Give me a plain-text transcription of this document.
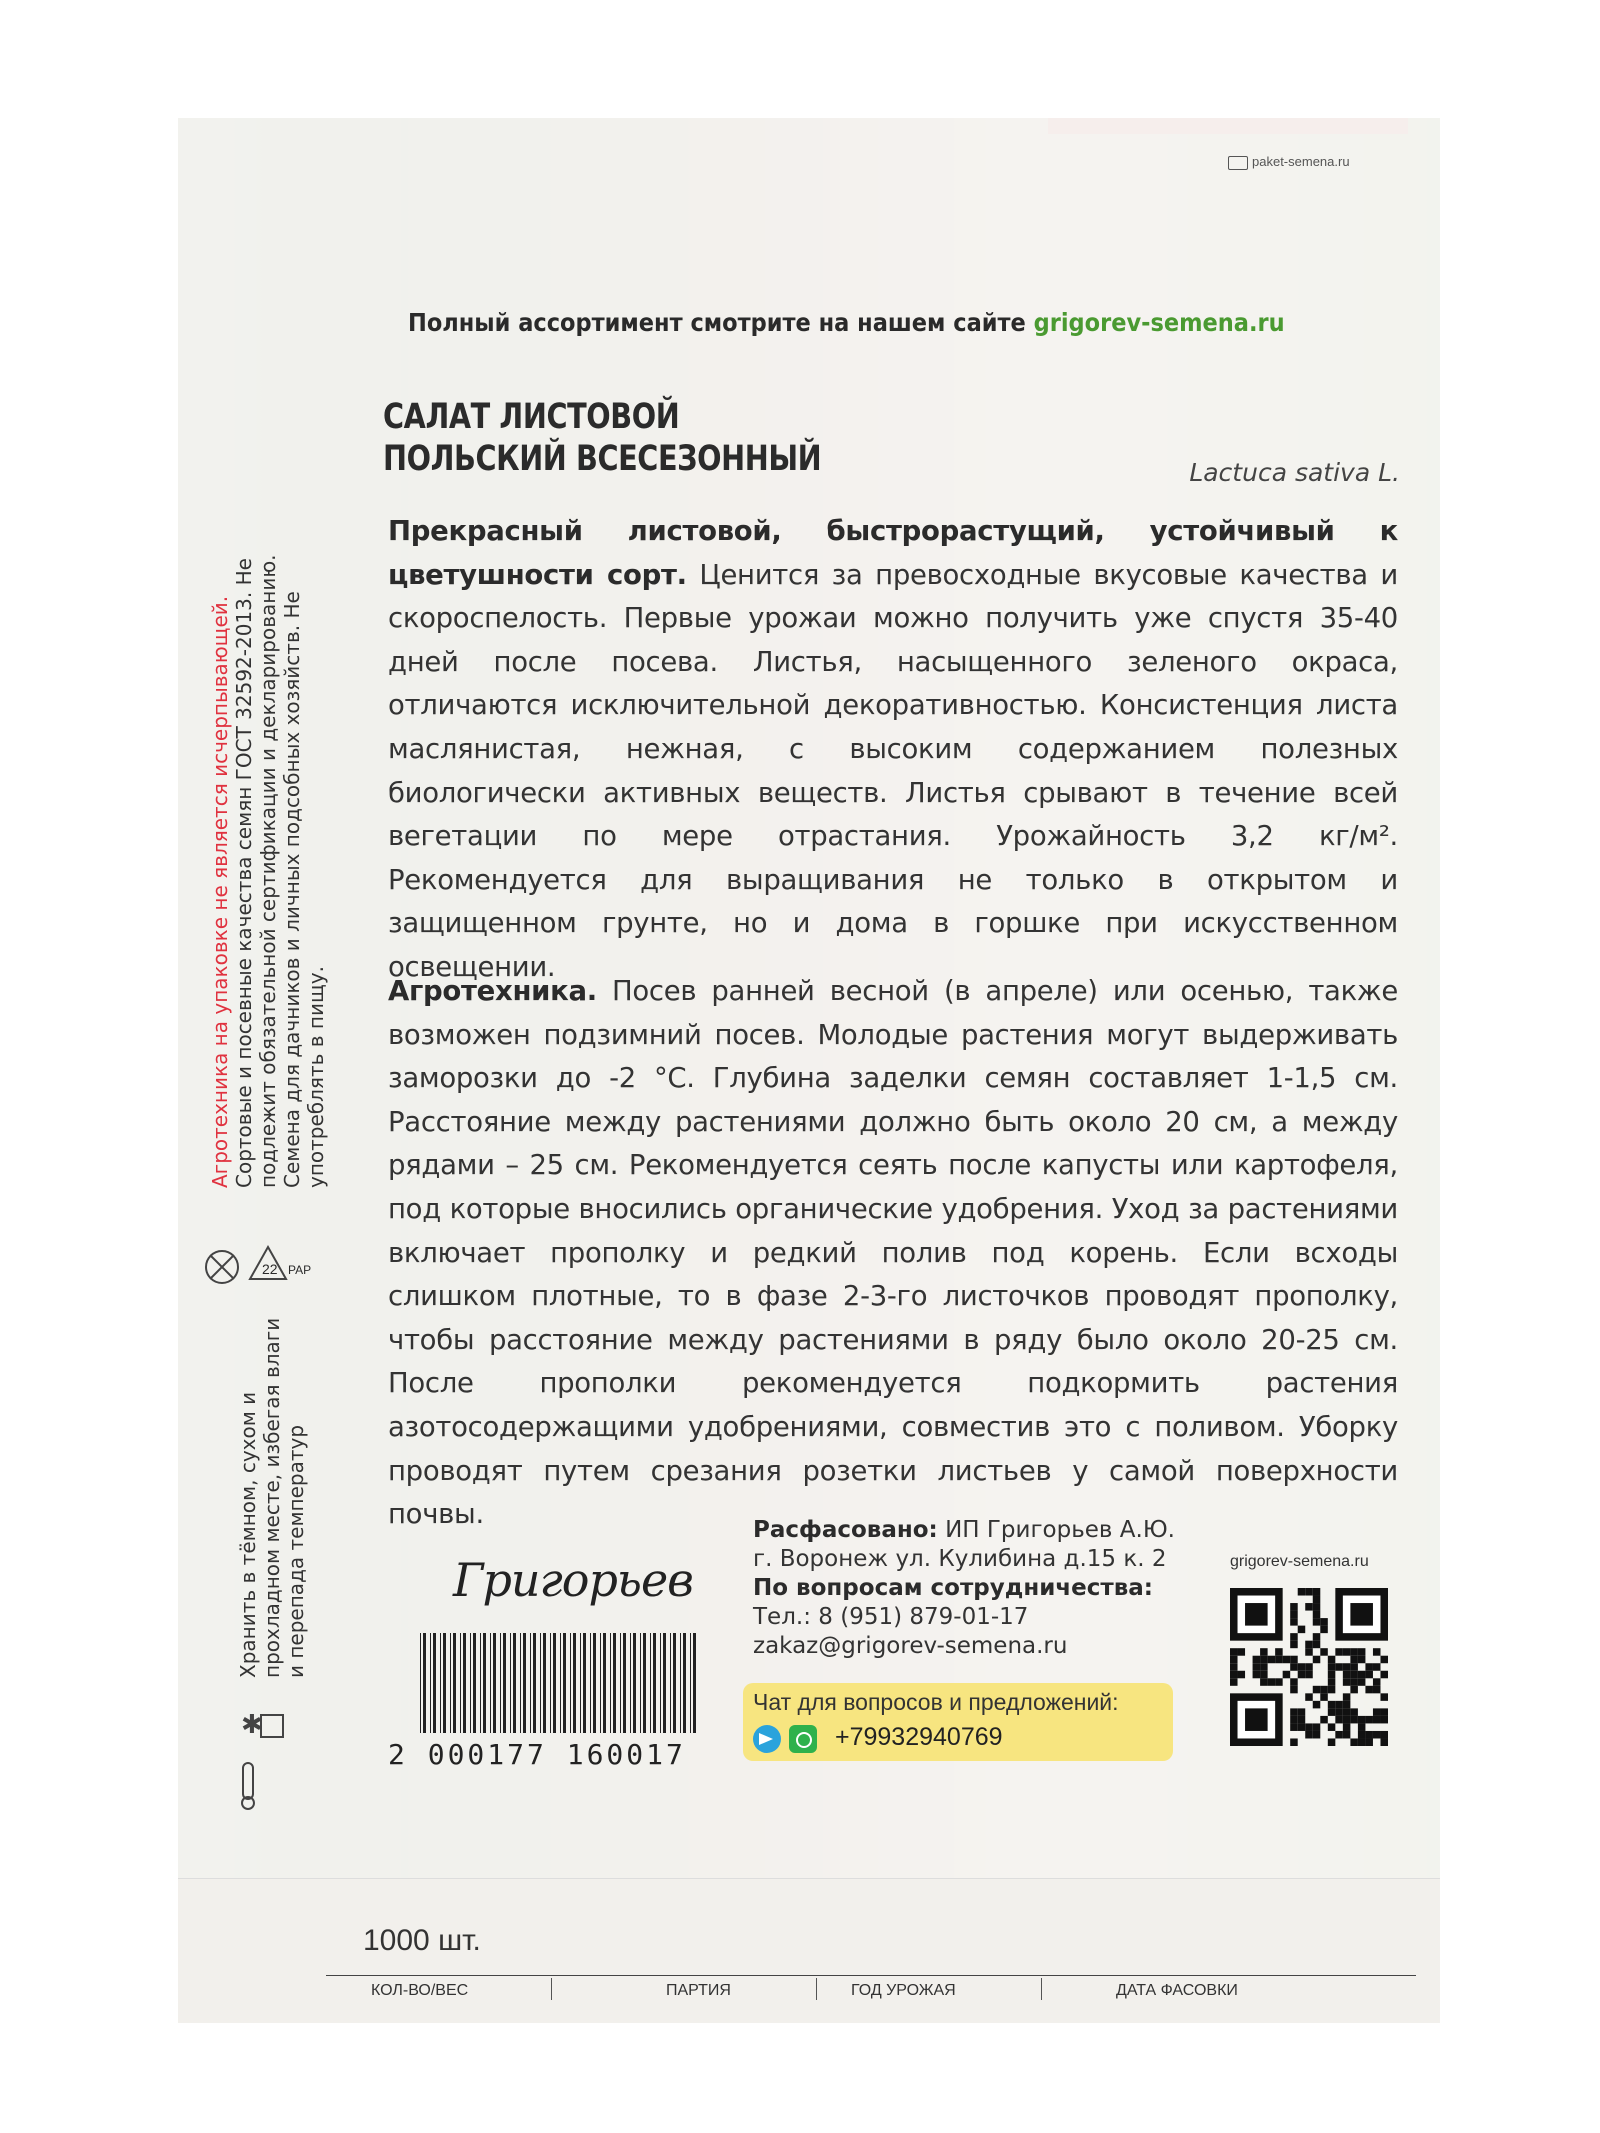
paket-semena.ru
Полный ассортимент смотрите на нашем сайте grigorev-semena.ru
САЛАТ ЛИСТОВОЙ
ПОЛЬСКИЙ ВСЕСЕЗОННЫЙ	Lactuca sativa L.
Прекрасный листовой, быстрорастущий, устойчивый к цветушности сорт. Ценится за превосходные вкусовые качества и скороспелость. Первые урожаи можно получить уже спустя 35-40 дней после посева. Листья, насыщенного зеленого окраса, отличаются исключительной декоративностью. Консистенция листа маслянистая, нежная, с высоким содержанием полезных биологически активных веществ. Листья срывают в течение всей вегетации по мере отрастания. Урожайность 3,2 кг/м². Рекомендуется для выращивания не только в открытом и защищенном грунте, но и дома в горшке при искусственном освещении.
Агротехника. Посев ранней весной (в апреле) или осенью, также возможен подзимний посев. Молодые растения могут выдерживать заморозки до -2 °С. Глубина заделки семян составляет 1-1,5 см. Расстояние между растениями должно быть около 20 см, а между рядами – 25 см. Рекомендуется сеять после капусты или картофеля, под которые вносились органические удобрения. Уход за растениями включает прополку и редкий полив под корень. Если всходы слишком плотные, то в фазе 2-3-го листочков проводят прополку, чтобы расстояние между растениями в ряду было около 20-25 см. После прополки рекомендуется подкормить растения азотосодержащими удобрениями, совместив это с поливом. Уборку проводят путем срезания розетки листьев у самой поверхности почвы.
Агротехника на упаковке не является исчерпывающей. Сортовые и посевные качества семян ГОСТ 32592-2013. Не подлежит обязательной сертификации и декларированию. Семена для дачников и личных подсобных хозяйств. Не употреблять в пищу.
22 PAP
Хранить в тёмном, сухом и прохладном месте, избегая влаги и перепада температур
✱
Григорьев
2 000177 160017
Расфасовано: ИП Григорьев А.Ю.
г. Воронеж ул. Кулибина д.15 к. 2
По вопросам сотрудничества:
Тел.: 8 (951) 879-01-17
zakaz@grigorev-semena.ru
Чат для вопросов и предложений:
+79932940769
grigorev-semena.ru
1000 шт.
КОЛ-ВО/ВЕС	ПАРТИЯ	ГОД УРОЖАЯ	ДАТА ФАСОВКИ
